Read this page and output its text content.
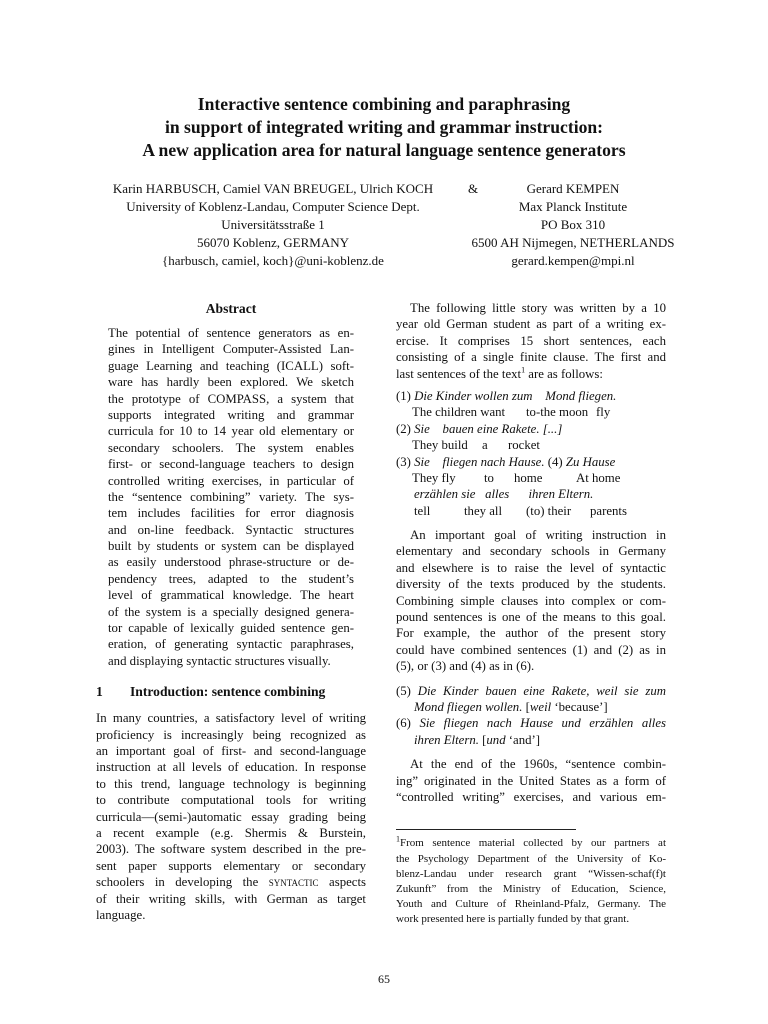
Interactive sentence combining and paraphrasing
in support of integrated writing and grammar instruction:
A new application area for natural language sentence generators
Karin HARBUSCH, Camiel VAN BREUGEL, Ulrich KOCH
University of Koblenz-Landau, Computer Science Dept.
Universitätsstraße 1
56070 Koblenz, GERMANY
{harbusch, camiel, koch}@uni-koblenz.de
&	Gerard KEMPEN
Max Planck Institute
PO Box 310
6500 AH Nijmegen, NETHERLANDS
gerard.kempen@mpi.nl
Abstract
The potential of sentence generators as en-
gines in Intelligent Computer-Assisted Lan-
guage Learning and teaching (ICALL) soft-
ware has hardly been explored. We sketch
the prototype of COMPASS, a system that
supports integrated writing and grammar
curricula for 10 to 14 year old elementary or
secondary schoolers. The system enables
first- or second-language teachers to design
controlled writing exercises, in particular of
the “sentence combining” variety. The sys-
tem includes facilities for error diagnosis
and on-line feedback. Syntactic structures
built by students or system can be displayed
as easily understood phrase-structure or de-
pendency trees, adapted to the student’s
level of grammatical knowledge. The heart
of the system is a specially designed genera-
tor capable of lexically guided sentence gen-
eration, of generating syntactic paraphrases,
and displaying syntactic structures visually.
1 Introduction: sentence combining
In many countries, a satisfactory level of writing
proficiency is increasingly being recognized as
an important goal of first- and second-language
instruction at all levels of education. In response
to this trend, language technology is beginning
to contribute computational tools for writing
curricula—(semi-)automatic essay grading being
a recent example (e.g. Shermis & Burstein,
2003). The software system described in the pre-
sent paper supports elementary or secondary
schoolers in developing the syntactic aspects
of their writing skills, with German as target
language.
The following little story was written by a 10
year old German student as part of a writing ex-
ercise. It comprises 15 short sentences, each
consisting of a single finite clause. The first and
last sentences of the text$^1$ are as follows:
(1) Die Kinder wollen zum    Mond fliegen.
The children want to-the moon fly
(2) Sie    bauen eine Rakete. [...]
They build a rocket
(3) Sie    fliegen nach Hause. (4) Zu Hause
They fly to home	At home
erzählen sie   alles      ihren Eltern.
tell	they all (to) their parents
An important goal of writing instruction in
elementary and secondary schools in Germany
and elsewhere is to raise the level of syntactic
diversity of the texts produced by the students.
Combining simple clauses into complex or com-
pound sentences is one of the means to this goal.
For example, the author of the present story
could have combined sentences (1) and (2) as in
(5), or (3) and (4) as in (6).
(5) Die Kinder bauen eine Rakete, weil sie zum
Mond fliegen wollen. [weil ‘because’]
(6) Sie fliegen nach Hause und erzählen alles
ihren Eltern. [und ‘and’]
At the end of the 1960s, “sentence combin-
ing” originated in the United States as a form of
“controlled writing” exercises, and various em-
$^1$From sentence material collected by our partners at
the Psychology Department of the University of Ko-
blenz-Landau under research grant “Wissen-schaf(f)t
Zukunft” from the Ministry of Education, Science,
Youth and Culture of Rheinland-Pfalz, Germany. The
work presented here is partially funded by that grant.
65
